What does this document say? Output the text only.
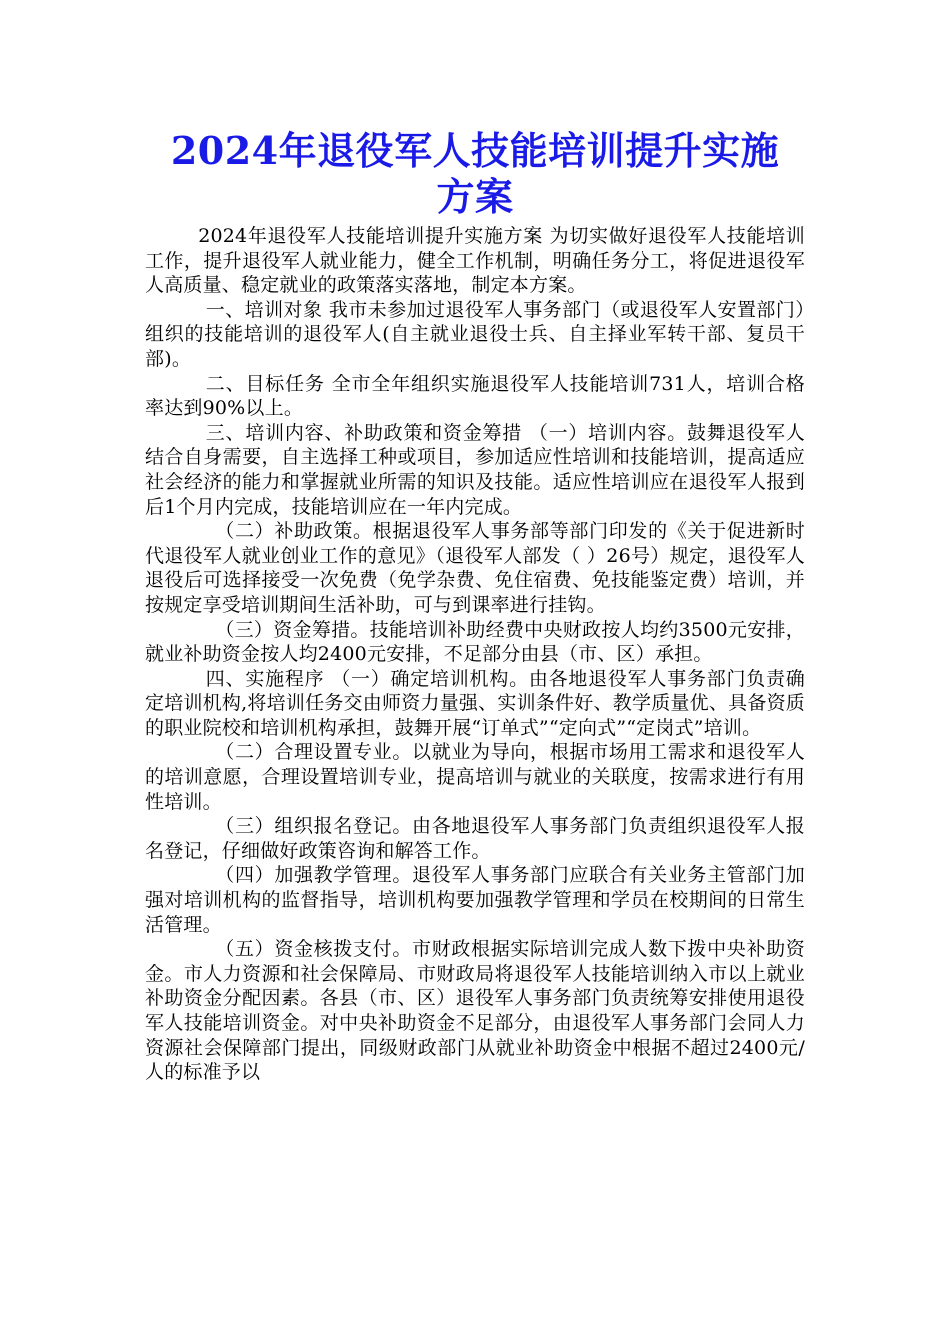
2024年退役军人技能培训提升实施
方案

2024年退役军人技能培训提升实施方案 为切实做好退役军人技能培训工作，提升退役军人就业能力，健全工作机制，明确任务分工，将促进退役军人高质量、稳定就业的政策落实落地，制定本方案。

一、培训对象 我市未参加过退役军人事务部门（或退役军人安置部门）组织的技能培训的退役军人(自主就业退役士兵、自主择业军转干部、复员干部)。

二、目标任务 全市全年组织实施退役军人技能培训731人，培训合格率达到90%以上。

三、培训内容、补助政策和资金筹措 （一）培训内容。鼓舞退役军人结合自身需要，自主选择工种或项目，参加适应性培训和技能培训，提高适应社会经济的能力和掌握就业所需的知识及技能。适应性培训应在退役军人报到后1个月内完成，技能培训应在一年内完成。

（二）补助政策。根据退役军人事务部等部门印发的《关于促进新时代退役军人就业创业工作的意见》（退役军人部发（ ）26号）规定，退役军人退役后可选择接受一次免费（免学杂费、免住宿费、免技能鉴定费）培训，并按规定享受培训期间生活补助，可与到课率进行挂钩。

（三）资金筹措。技能培训补助经费中央财政按人均约3500元安排，就业补助资金按人均2400元安排，不足部分由县（市、区）承担。

四、实施程序 （一）确定培训机构。由各地退役军人事务部门负责确定培训机构,将培训任务交由师资力量强、实训条件好、教学质量优、具备资质的职业院校和培训机构承担，鼓舞开展“订单式”“定向式”“定岗式”培训。

（二）合理设置专业。以就业为导向，根据市场用工需求和退役军人的培训意愿，合理设置培训专业，提高培训与就业的关联度，按需求进行有用性培训。

（三）组织报名登记。由各地退役军人事务部门负责组织退役军人报名登记，仔细做好政策咨询和解答工作。

（四）加强教学管理。退役军人事务部门应联合有关业务主管部门加强对培训机构的监督指导，培训机构要加强教学管理和学员在校期间的日常生活管理。

（五）资金核拨支付。市财政根据实际培训完成人数下拨中央补助资金。市人力资源和社会保障局、市财政局将退役军人技能培训纳入市以上就业补助资金分配因素。各县（市、区）退役军人事务部门负责统筹安排使用退役军人技能培训资金。对中央补助资金不足部分，由退役军人事务部门会同人力资源社会保障部门提出，同级财政部门从就业补助资金中根据不超过2400元/人的标准予以
